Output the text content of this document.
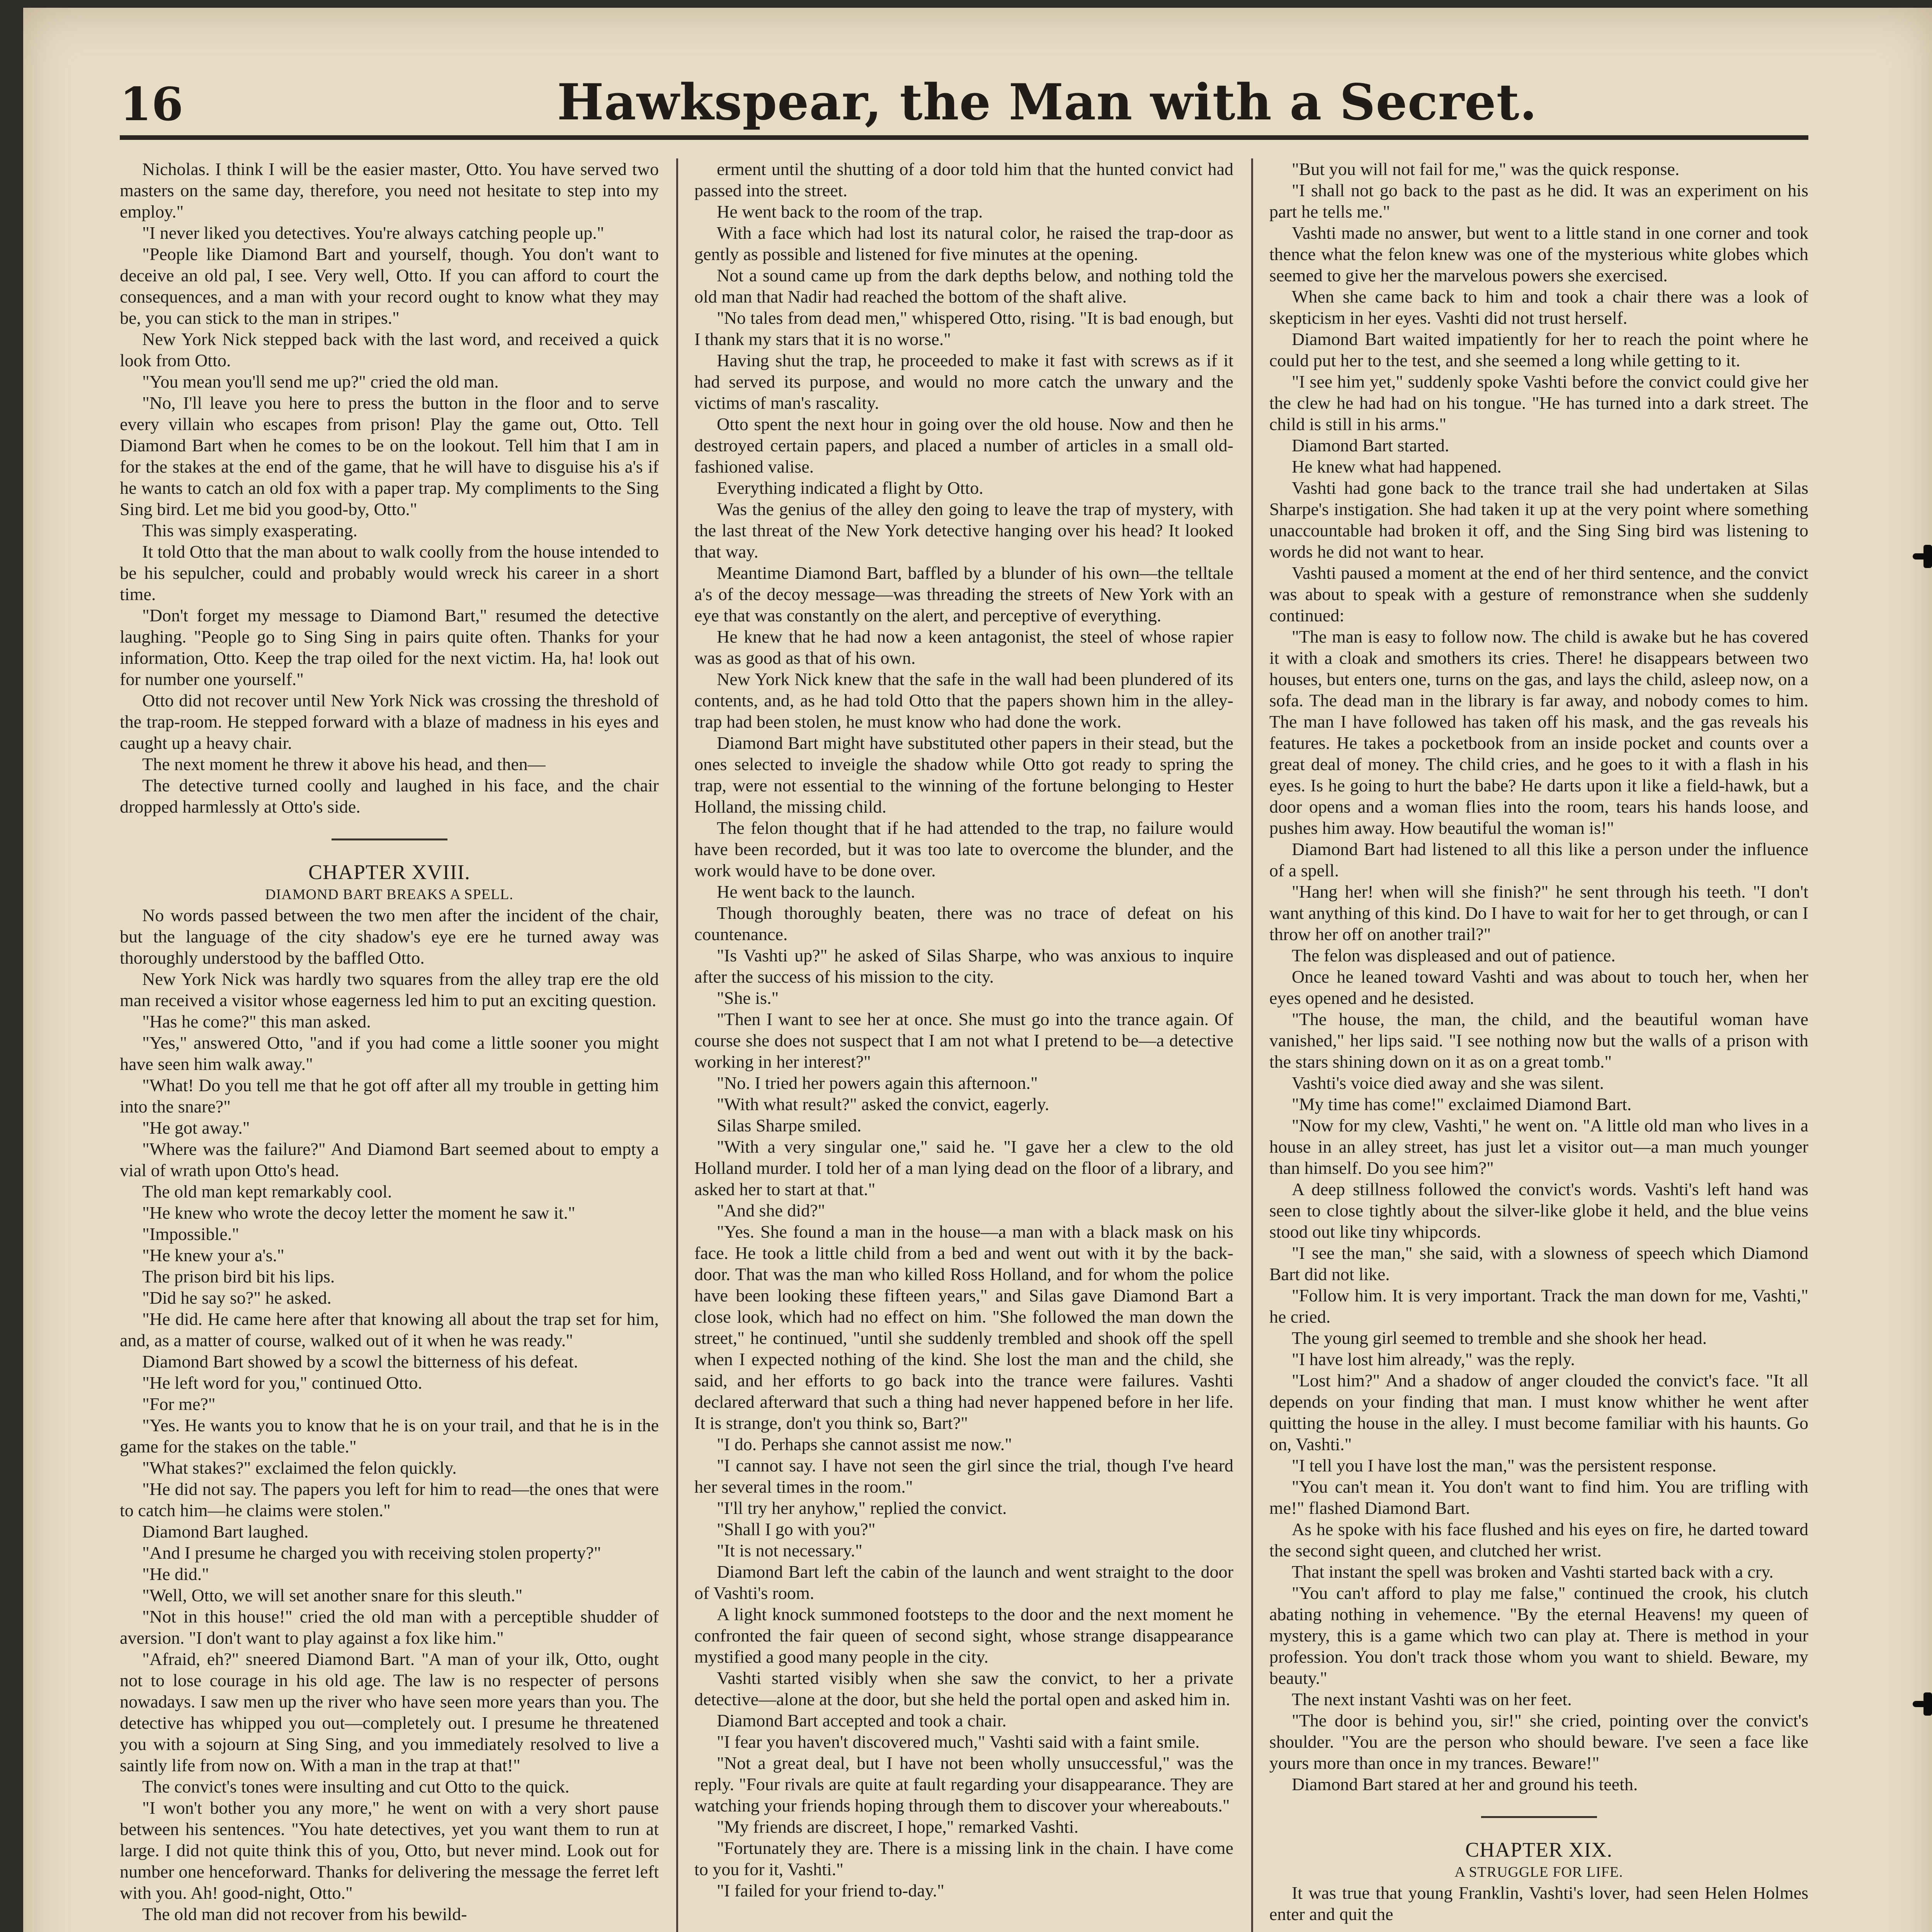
16	Hawkspear, the Man with a Secret.

Nicholas. I think I will be the easier master, Otto. You have served two masters on the same day, therefore, you need not hesitate to step into my employ."

"I never liked you detectives. You're always catching people up."

"People like Diamond Bart and yourself, though. You don't want to deceive an old pal, I see. Very well, Otto. If you can afford to court the consequences, and a man with your record ought to know what they may be, you can stick to the man in stripes."

New York Nick stepped back with the last word, and received a quick look from Otto.

"You mean you'll send me up?" cried the old man.

"No, I'll leave you here to press the button in the floor and to serve every villain who escapes from prison! Play the game out, Otto. Tell Diamond Bart when he comes to be on the lookout. Tell him that I am in for the stakes at the end of the game, that he will have to disguise his a's if he wants to catch an old fox with a paper trap. My compliments to the Sing Sing bird. Let me bid you good-by, Otto."

This was simply exasperating.

It told Otto that the man about to walk coolly from the house intended to be his sepulcher, could and probably would wreck his career in a short time.

"Don't forget my message to Diamond Bart," resumed the detective laughing. "People go to Sing Sing in pairs quite often. Thanks for your information, Otto. Keep the trap oiled for the next victim. Ha, ha! look out for number one yourself."

Otto did not recover until New York Nick was crossing the threshold of the trap-room. He stepped forward with a blaze of madness in his eyes and caught up a heavy chair.

The next moment he threw it above his head, and then—

The detective turned coolly and laughed in his face, and the chair dropped harmlessly at Otto's side.

CHAPTER XVIII.
DIAMOND BART BREAKS A SPELL.

No words passed between the two men after the incident of the chair, but the language of the city shadow's eye ere he turned away was thoroughly understood by the baffled Otto.

New York Nick was hardly two squares from the alley trap ere the old man received a visitor whose eagerness led him to put an exciting question.

"Has he come?" this man asked.

"Yes," answered Otto, "and if you had come a little sooner you might have seen him walk away."

"What! Do you tell me that he got off after all my trouble in getting him into the snare?"

"He got away."

"Where was the failure?" And Diamond Bart seemed about to empty a vial of wrath upon Otto's head.

The old man kept remarkably cool.

"He knew who wrote the decoy letter the moment he saw it."

"Impossible."

"He knew your a's."

The prison bird bit his lips.

"Did he say so?" he asked.

"He did. He came here after that knowing all about the trap set for him, and, as a matter of course, walked out of it when he was ready."

Diamond Bart showed by a scowl the bitterness of his defeat.

"He left word for you," continued Otto.

"For me?"

"Yes. He wants you to know that he is on your trail, and that he is in the game for the stakes on the table."

"What stakes?" exclaimed the felon quickly.

"He did not say. The papers you left for him to read—the ones that were to catch him—he claims were stolen."

Diamond Bart laughed.

"And I presume he charged you with receiving stolen property?"

"He did."

"Well, Otto, we will set another snare for this sleuth."

"Not in this house!" cried the old man with a perceptible shudder of aversion. "I don't want to play against a fox like him."

"Afraid, eh?" sneered Diamond Bart. "A man of your ilk, Otto, ought not to lose courage in his old age. The law is no respecter of persons nowadays. I saw men up the river who have seen more years than you. The detective has whipped you out—completely out. I presume he threatened you with a sojourn at Sing Sing, and you immediately resolved to live a saintly life from now on. With a man in the trap at that!"

The convict's tones were insulting and cut Otto to the quick.

"I won't bother you any more," he went on with a very short pause between his sentences. "You hate detectives, yet you want them to run at large. I did not quite think this of you, Otto, but never mind. Look out for number one henceforward. Thanks for delivering the message the ferret left with you. Ah! good-night, Otto."

The old man did not recover from his bewild-

erment until the shutting of a door told him that the hunted convict had passed into the street.

He went back to the room of the trap.

With a face which had lost its natural color, he raised the trap-door as gently as possible and listened for five minutes at the opening.

Not a sound came up from the dark depths below, and nothing told the old man that Nadir had reached the bottom of the shaft alive.

"No tales from dead men," whispered Otto, rising. "It is bad enough, but I thank my stars that it is no worse."

Having shut the trap, he proceeded to make it fast with screws as if it had served its purpose, and would no more catch the unwary and the victims of man's rascality.

Otto spent the next hour in going over the old house. Now and then he destroyed certain papers, and placed a number of articles in a small old-fashioned valise.

Everything indicated a flight by Otto.

Was the genius of the alley den going to leave the trap of mystery, with the last threat of the New York detective hanging over his head? It looked that way.

Meantime Diamond Bart, baffled by a blunder of his own—the telltale a's of the decoy message—was threading the streets of New York with an eye that was constantly on the alert, and perceptive of everything.

He knew that he had now a keen antagonist, the steel of whose rapier was as good as that of his own.

New York Nick knew that the safe in the wall had been plundered of its contents, and, as he had told Otto that the papers shown him in the alley-trap had been stolen, he must know who had done the work.

Diamond Bart might have substituted other papers in their stead, but the ones selected to inveigle the shadow while Otto got ready to spring the trap, were not essential to the winning of the fortune belonging to Hester Holland, the missing child.

The felon thought that if he had attended to the trap, no failure would have been recorded, but it was too late to overcome the blunder, and the work would have to be done over.

He went back to the launch.

Though thoroughly beaten, there was no trace of defeat on his countenance.

"Is Vashti up?" he asked of Silas Sharpe, who was anxious to inquire after the success of his mission to the city.

"She is."

"Then I want to see her at once. She must go into the trance again. Of course she does not suspect that I am not what I pretend to be—a detective working in her interest?"

"No. I tried her powers again this afternoon."

"With what result?" asked the convict, eagerly.

Silas Sharpe smiled.

"With a very singular one," said he. "I gave her a clew to the old Holland murder. I told her of a man lying dead on the floor of a library, and asked her to start at that."

"And she did?"

"Yes. She found a man in the house—a man with a black mask on his face. He took a little child from a bed and went out with it by the back-door. That was the man who killed Ross Holland, and for whom the police have been looking these fifteen years," and Silas gave Diamond Bart a close look, which had no effect on him. "She followed the man down the street," he continued, "until she suddenly trembled and shook off the spell when I expected nothing of the kind. She lost the man and the child, she said, and her efforts to go back into the trance were failures. Vashti declared afterward that such a thing had never happened before in her life. It is strange, don't you think so, Bart?"

"I do. Perhaps she cannot assist me now."

"I cannot say. I have not seen the girl since the trial, though I've heard her several times in the room."

"I'll try her anyhow," replied the convict.

"Shall I go with you?"

"It is not necessary."

Diamond Bart left the cabin of the launch and went straight to the door of Vashti's room.

A light knock summoned footsteps to the door and the next moment he confronted the fair queen of second sight, whose strange disappearance mystified a good many people in the city.

Vashti started visibly when she saw the convict, to her a private detective—alone at the door, but she held the portal open and asked him in.

Diamond Bart accepted and took a chair.

"I fear you haven't discovered much," Vashti said with a faint smile.

"Not a great deal, but I have not been wholly unsuccessful," was the reply. "Four rivals are quite at fault regarding your disappearance. They are watching your friends hoping through them to discover your whereabouts."

"My friends are discreet, I hope," remarked Vashti.

"Fortunately they are. There is a missing link in the chain. I have come to you for it, Vashti."

"I failed for your friend to-day."

"But you will not fail for me," was the quick response.

"I shall not go back to the past as he did. It was an experiment on his part he tells me."

Vashti made no answer, but went to a little stand in one corner and took thence what the felon knew was one of the mysterious white globes which seemed to give her the marvelous powers she exercised.

When she came back to him and took a chair there was a look of skepticism in her eyes. Vashti did not trust herself.

Diamond Bart waited impatiently for her to reach the point where he could put her to the test, and she seemed a long while getting to it.

"I see him yet," suddenly spoke Vashti before the convict could give her the clew he had had on his tongue. "He has turned into a dark street. The child is still in his arms."

Diamond Bart started.

He knew what had happened.

Vashti had gone back to the trance trail she had undertaken at Silas Sharpe's instigation. She had taken it up at the very point where something unaccountable had broken it off, and the Sing Sing bird was listening to words he did not want to hear.

Vashti paused a moment at the end of her third sentence, and the convict was about to speak with a gesture of remonstrance when she suddenly continued:

"The man is easy to follow now. The child is awake but he has covered it with a cloak and smothers its cries. There! he disappears between two houses, but enters one, turns on the gas, and lays the child, asleep now, on a sofa. The dead man in the library is far away, and nobody comes to him. The man I have followed has taken off his mask, and the gas reveals his features. He takes a pocketbook from an inside pocket and counts over a great deal of money. The child cries, and he goes to it with a flash in his eyes. Is he going to hurt the babe? He darts upon it like a field-hawk, but a door opens and a woman flies into the room, tears his hands loose, and pushes him away. How beautiful the woman is!"

Diamond Bart had listened to all this like a person under the influence of a spell.

"Hang her! when will she finish?" he sent through his teeth. "I don't want anything of this kind. Do I have to wait for her to get through, or can I throw her off on another trail?"

The felon was displeased and out of patience.

Once he leaned toward Vashti and was about to touch her, when her eyes opened and he desisted.

"The house, the man, the child, and the beautiful woman have vanished," her lips said. "I see nothing now but the walls of a prison with the stars shining down on it as on a great tomb."

Vashti's voice died away and she was silent.

"My time has come!" exclaimed Diamond Bart.

"Now for my clew, Vashti," he went on. "A little old man who lives in a house in an alley street, has just let a visitor out—a man much younger than himself. Do you see him?"

A deep stillness followed the convict's words. Vashti's left hand was seen to close tightly about the silver-like globe it held, and the blue veins stood out like tiny whipcords.

"I see the man," she said, with a slowness of speech which Diamond Bart did not like.

"Follow him. It is very important. Track the man down for me, Vashti," he cried.

The young girl seemed to tremble and she shook her head.

"I have lost him already," was the reply.

"Lost him?" And a shadow of anger clouded the convict's face. "It all depends on your finding that man. I must know whither he went after quitting the house in the alley. I must become familiar with his haunts. Go on, Vashti."

"I tell you I have lost the man," was the persistent response.

"You can't mean it. You don't want to find him. You are trifling with me!" flashed Diamond Bart.

As he spoke with his face flushed and his eyes on fire, he darted toward the second sight queen, and clutched her wrist.

That instant the spell was broken and Vashti started back with a cry.

"You can't afford to play me false," continued the crook, his clutch abating nothing in vehemence. "By the eternal Heavens! my queen of mystery, this is a game which two can play at. There is method in your profession. You don't track those whom you want to shield. Beware, my beauty."

The next instant Vashti was on her feet.

"The door is behind you, sir!" she cried, pointing over the convict's shoulder. "You are the person who should beware. I've seen a face like yours more than once in my trances. Beware!"

Diamond Bart stared at her and ground his teeth.

CHAPTER XIX.
A STRUGGLE FOR LIFE.

It was true that young Franklin, Vashti's lover, had seen Helen Holmes enter and quit the
